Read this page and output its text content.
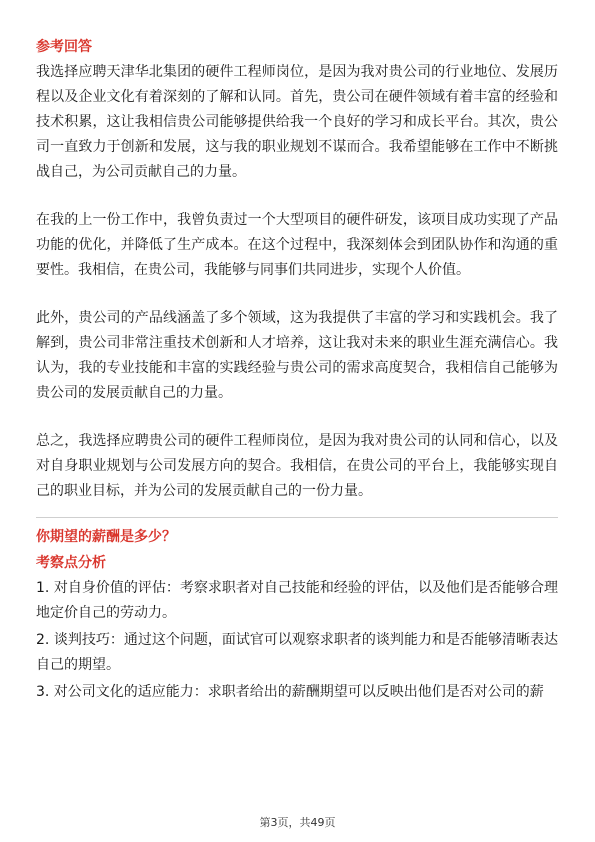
参考回答

我选择应聘天津华北集团的硬件工程师岗位，是因为我对贵公司的行业地位、发展历程以及企业文化有着深刻的了解和认同。首先，贵公司在硬件领域有着丰富的经验和技术积累，这让我相信贵公司能够提供给我一个良好的学习和成长平台。其次，贵公司一直致力于创新和发展，这与我的职业规划不谋而合。我希望能够在工作中不断挑战自己，为公司贡献自己的力量。

在我的上一份工作中，我曾负责过一个大型项目的硬件研发，该项目成功实现了产品功能的优化，并降低了生产成本。在这个过程中，我深刻体会到团队协作和沟通的重要性。我相信，在贵公司，我能够与同事们共同进步，实现个人价值。

此外，贵公司的产品线涵盖了多个领域，这为我提供了丰富的学习和实践机会。我了解到，贵公司非常注重技术创新和人才培养，这让我对未来的职业生涯充满信心。我认为，我的专业技能和丰富的实践经验与贵公司的需求高度契合，我相信自己能够为贵公司的发展贡献自己的力量。

总之，我选择应聘贵公司的硬件工程师岗位，是因为我对贵公司的认同和信心，以及对自身职业规划与公司发展方向的契合。我相信，在贵公司的平台上，我能够实现自己的职业目标，并为公司的发展贡献自己的一份力量。

你期望的薪酬是多少？

考察点分析

1. 对自身价值的评估：考察求职者对自己技能和经验的评估，以及他们是否能够合理地定价自己的劳动力。

2. 谈判技巧：通过这个问题，面试官可以观察求职者的谈判能力和是否能够清晰表达自己的期望。

3. 对公司文化的适应能力：求职者给出的薪酬期望可以反映出他们是否对公司的薪

第3页，共49页
